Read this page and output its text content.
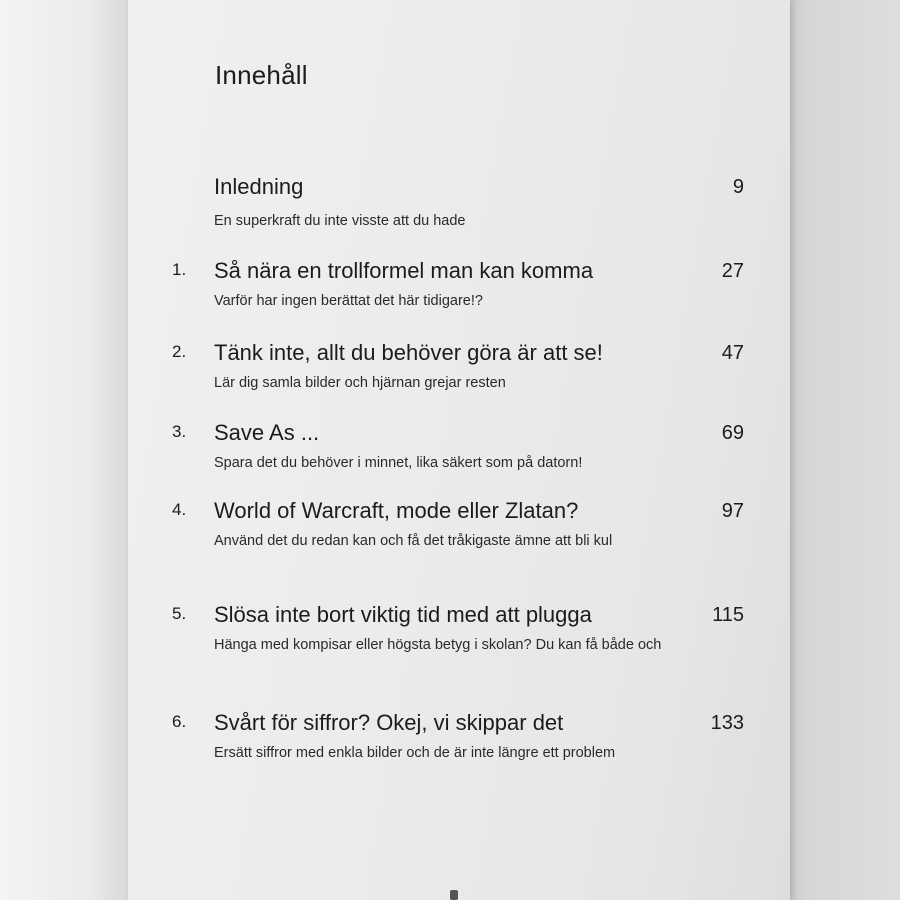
Innehåll
Inledning	9
En superkraft du inte visste att du hade
1. Så nära en trollformel man kan komma	27
Varför har ingen berättat det här tidigare!?
2. Tänk inte, allt du behöver göra är att se!	47
Lär dig samla bilder och hjärnan grejar resten
3. Save As ...	69
Spara det du behöver i minnet, lika säkert som på datorn!
4. World of Warcraft, mode eller Zlatan?	97
Använd det du redan kan och få det tråkigaste ämne att bli kul
5. Slösa inte bort viktig tid med att plugga	115
Hänga med kompisar eller högsta betyg i skolan? Du kan få både och
6. Svårt för siffror? Okej, vi skippar det	133
Ersätt siffror med enkla bilder och de är inte längre ett problem
